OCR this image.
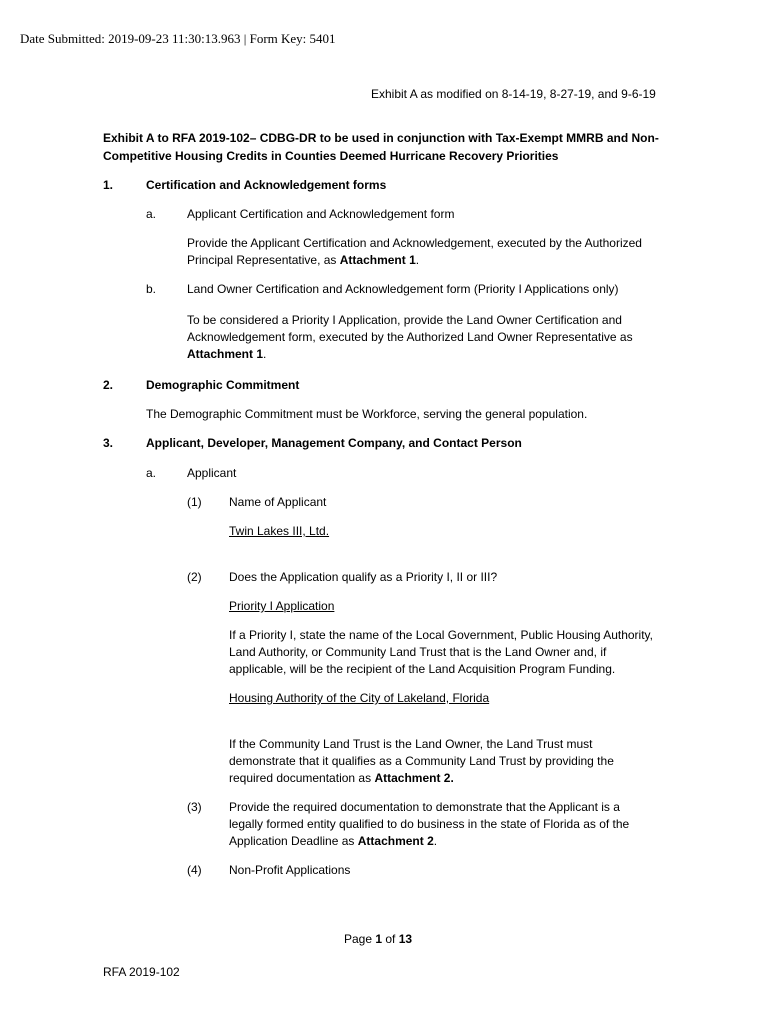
Date Submitted: 2019-09-23 11:30:13.963 | Form Key: 5401
Exhibit A as modified on 8-14-19, 8-27-19, and 9-6-19
Exhibit A to RFA 2019-102– CDBG-DR to be used in conjunction with Tax-Exempt MMRB and Non-
Competitive Housing Credits in Counties Deemed Hurricane Recovery Priorities
1.	Certification and Acknowledgement forms
a.	Applicant Certification and Acknowledgement form
Provide the Applicant Certification and Acknowledgement, executed by the Authorized
Principal Representative, as Attachment 1.
b.	Land Owner Certification and Acknowledgement form (Priority I Applications only)
To be considered a Priority I Application, provide the Land Owner Certification and
Acknowledgement form, executed by the Authorized Land Owner Representative as
Attachment 1.
2.	Demographic Commitment
The Demographic Commitment must be Workforce, serving the general population.
3.	Applicant, Developer, Management Company, and Contact Person
a.	Applicant
(1) Name of Applicant
Twin Lakes III, Ltd.
(2) Does the Application qualify as a Priority I, II or III?
Priority I Application
If a Priority I, state the name of the Local Government, Public Housing Authority,
Land Authority, or Community Land Trust that is the Land Owner and, if
applicable, will be the recipient of the Land Acquisition Program Funding.
Housing Authority of the City of Lakeland, Florida
If the Community Land Trust is the Land Owner, the Land Trust must
demonstrate that it qualifies as a Community Land Trust by providing the
required documentation as Attachment 2.
(3) Provide the required documentation to demonstrate that the Applicant is a
legally formed entity qualified to do business in the state of Florida as of the
Application Deadline as Attachment 2.
(4) Non-Profit Applications
Page 1 of 13
RFA 2019-102
